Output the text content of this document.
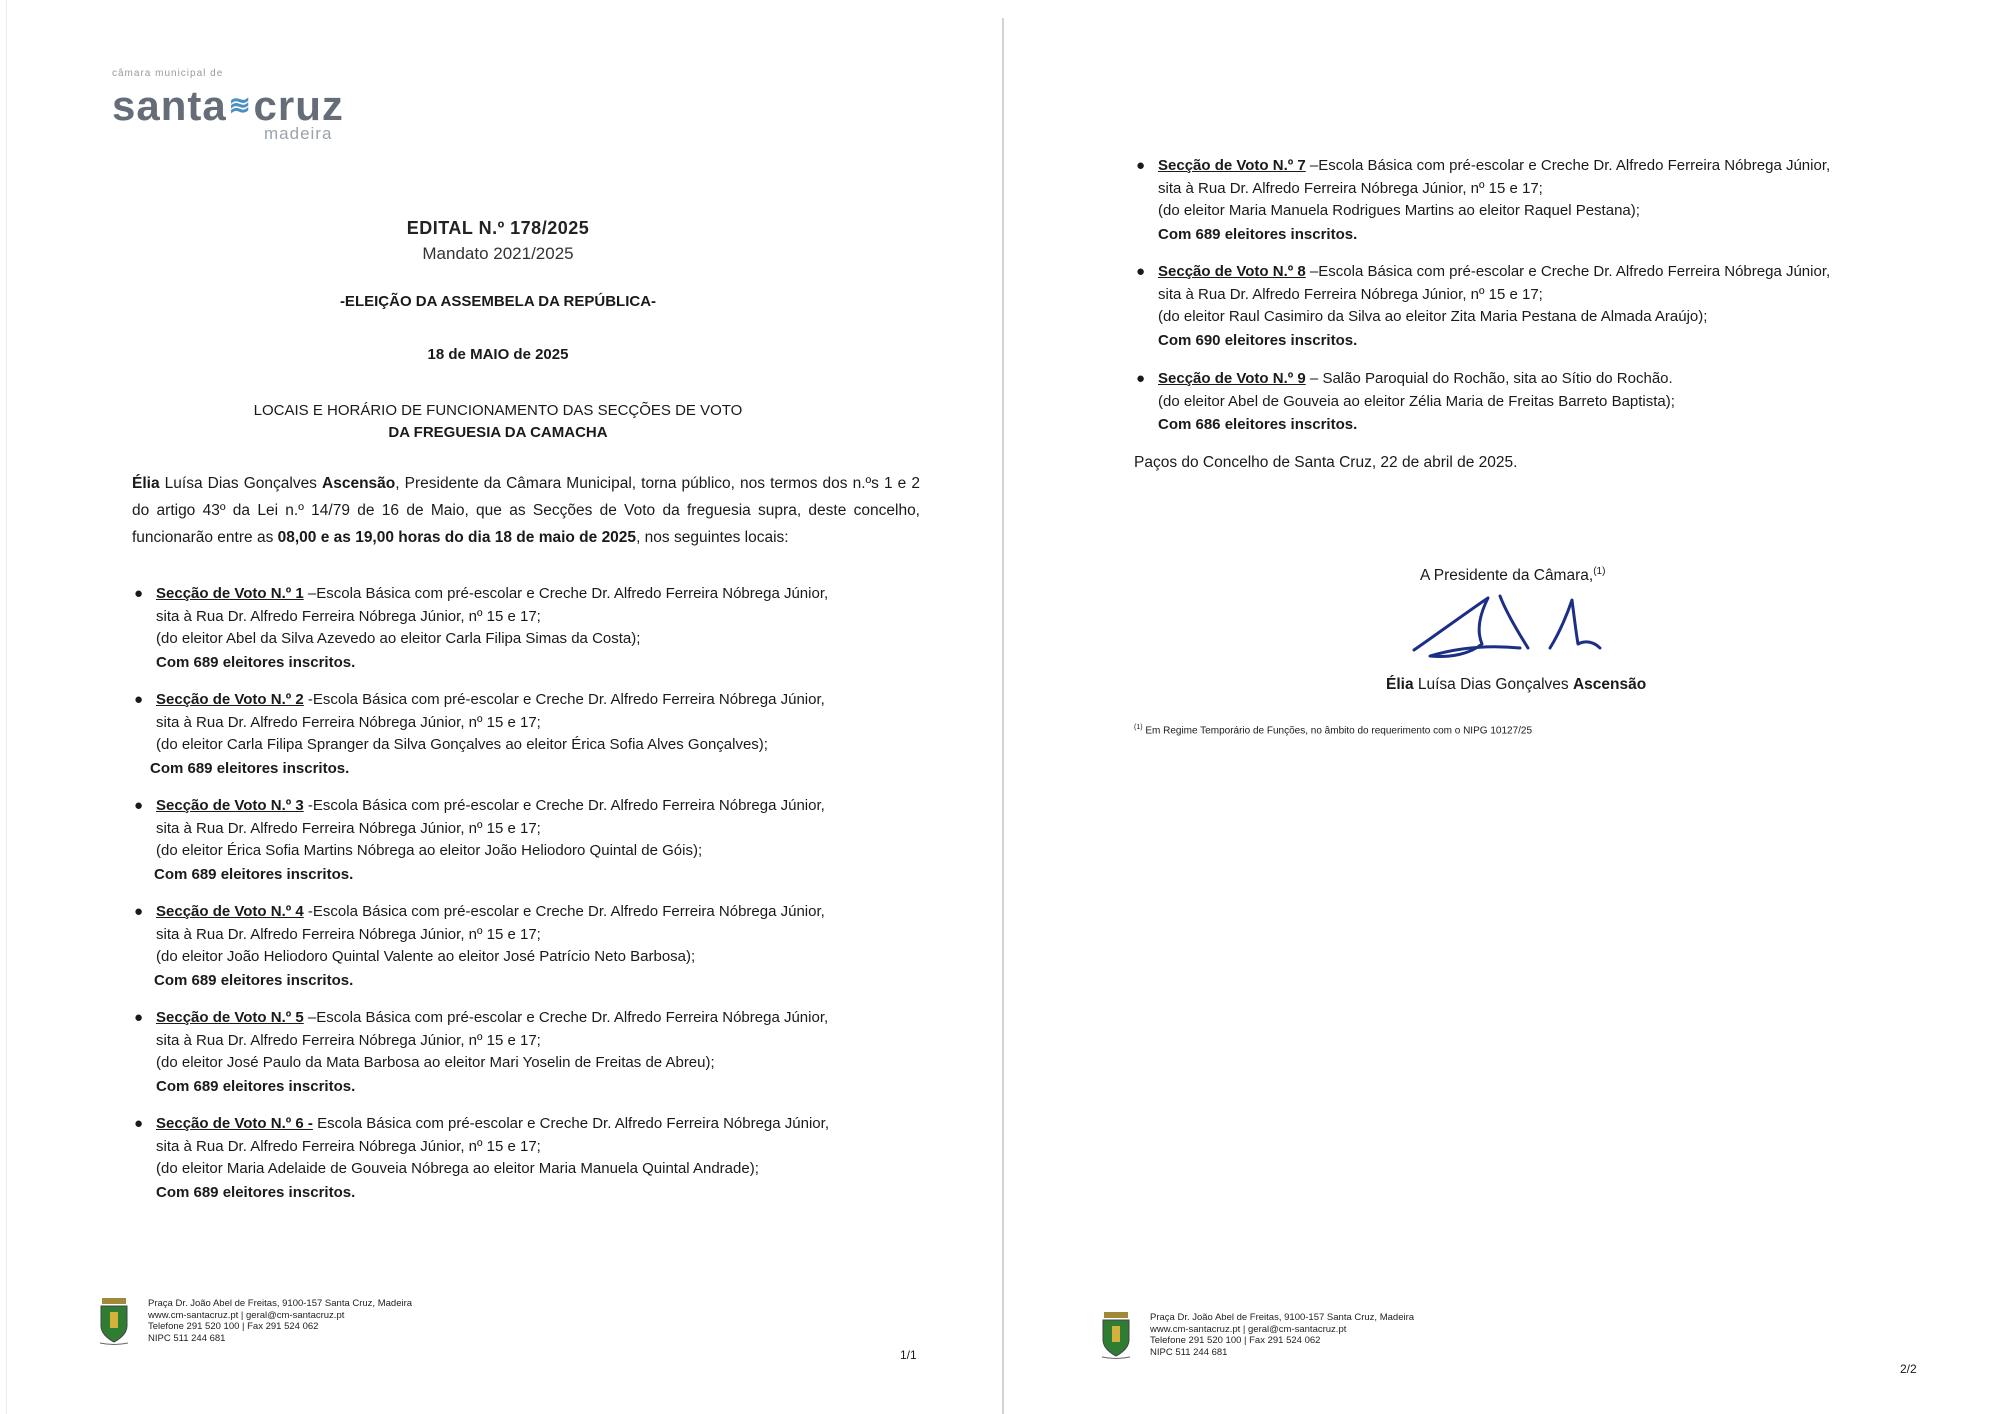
câmara municipal de
santa≋cruz
madeira
EDITAL N.º 178/2025
Mandato 2021/2025
-ELEIÇÃO DA ASSEMBELA DA REPÚBLICA-
18 de MAIO de 2025
LOCAIS E HORÁRIO DE FUNCIONAMENTO DAS SECÇÕES DE VOTO
DA FREGUESIA DA CAMACHA
Élia Luísa Dias Gonçalves Ascensão, Presidente da Câmara Municipal, torna público, nos termos dos n.ºs 1 e 2 do artigo 43º da Lei n.º 14/79 de 16 de Maio, que as Secções de Voto da freguesia supra, deste concelho, funcionarão entre as 08,00 e as 19,00 horas do dia 18 de maio de 2025, nos seguintes locais:
● Secção de Voto N.º 1 –Escola Básica com pré-escolar e Creche Dr. Alfredo Ferreira Nóbrega Júnior,
sita à Rua Dr. Alfredo Ferreira Nóbrega Júnior, nº 15 e 17;
(do eleitor Abel da Silva Azevedo ao eleitor Carla Filipa Simas da Costa);
Com 689 eleitores inscritos.
● Secção de Voto N.º 2 -Escola Básica com pré-escolar e Creche Dr. Alfredo Ferreira Nóbrega Júnior,
sita à Rua Dr. Alfredo Ferreira Nóbrega Júnior, nº 15 e 17;
(do eleitor Carla Filipa Spranger da Silva Gonçalves ao eleitor Érica Sofia Alves Gonçalves);
Com 689 eleitores inscritos.
● Secção de Voto N.º 3 -Escola Básica com pré-escolar e Creche Dr. Alfredo Ferreira Nóbrega Júnior,
sita à Rua Dr. Alfredo Ferreira Nóbrega Júnior, nº 15 e 17;
(do eleitor Érica Sofia Martins Nóbrega ao eleitor João Heliodoro Quintal de Góis);
Com 689 eleitores inscritos.
● Secção de Voto N.º 4 -Escola Básica com pré-escolar e Creche Dr. Alfredo Ferreira Nóbrega Júnior,
sita à Rua Dr. Alfredo Ferreira Nóbrega Júnior, nº 15 e 17;
(do eleitor João Heliodoro Quintal Valente ao eleitor José Patrício Neto Barbosa);
Com 689 eleitores inscritos.
● Secção de Voto N.º 5 –Escola Básica com pré-escolar e Creche Dr. Alfredo Ferreira Nóbrega Júnior,
sita à Rua Dr. Alfredo Ferreira Nóbrega Júnior, nº 15 e 17;
(do eleitor José Paulo da Mata Barbosa ao eleitor Mari Yoselin de Freitas de Abreu);
Com 689 eleitores inscritos.
● Secção de Voto N.º 6 - Escola Básica com pré-escolar e Creche Dr. Alfredo Ferreira Nóbrega Júnior,
sita à Rua Dr. Alfredo Ferreira Nóbrega Júnior, nº 15 e 17;
(do eleitor Maria Adelaide de Gouveia Nóbrega ao eleitor Maria Manuela Quintal Andrade);
Com 689 eleitores inscritos.
● Secção de Voto N.º 7 –Escola Básica com pré-escolar e Creche Dr. Alfredo Ferreira Nóbrega Júnior,
sita à Rua Dr. Alfredo Ferreira Nóbrega Júnior, nº 15 e 17;
(do eleitor Maria Manuela Rodrigues Martins ao eleitor Raquel Pestana);
Com 689 eleitores inscritos.
● Secção de Voto N.º 8 –Escola Básica com pré-escolar e Creche Dr. Alfredo Ferreira Nóbrega Júnior,
sita à Rua Dr. Alfredo Ferreira Nóbrega Júnior, nº 15 e 17;
(do eleitor Raul Casimiro da Silva ao eleitor Zita Maria Pestana de Almada Araújo);
Com 690 eleitores inscritos.
● Secção de Voto N.º 9 – Salão Paroquial do Rochão, sita ao Sítio do Rochão.
(do eleitor Abel de Gouveia ao eleitor Zélia Maria de Freitas Barreto Baptista);
Com 686 eleitores inscritos.
Paços do Concelho de Santa Cruz, 22 de abril de 2025.
A Presidente da Câmara,$^{(1)}$
Élia Luísa Dias Gonçalves Ascensão
$^{(1)}$ Em Regime Temporário de Funções, no âmbito do requerimento com o NIPG 10127/25
Praça Dr. João Abel de Freitas, 9100-157 Santa Cruz, Madeira
www.cm-santacruz.pt | geral@cm-santacruz.pt
Telefone 291 520 100 | Fax 291 524 062
NIPC 511 244 681
1/1
Praça Dr. João Abel de Freitas, 9100-157 Santa Cruz, Madeira
www.cm-santacruz.pt | geral@cm-santacruz.pt
Telefone 291 520 100 | Fax 291 524 062
NIPC 511 244 681
2/2
